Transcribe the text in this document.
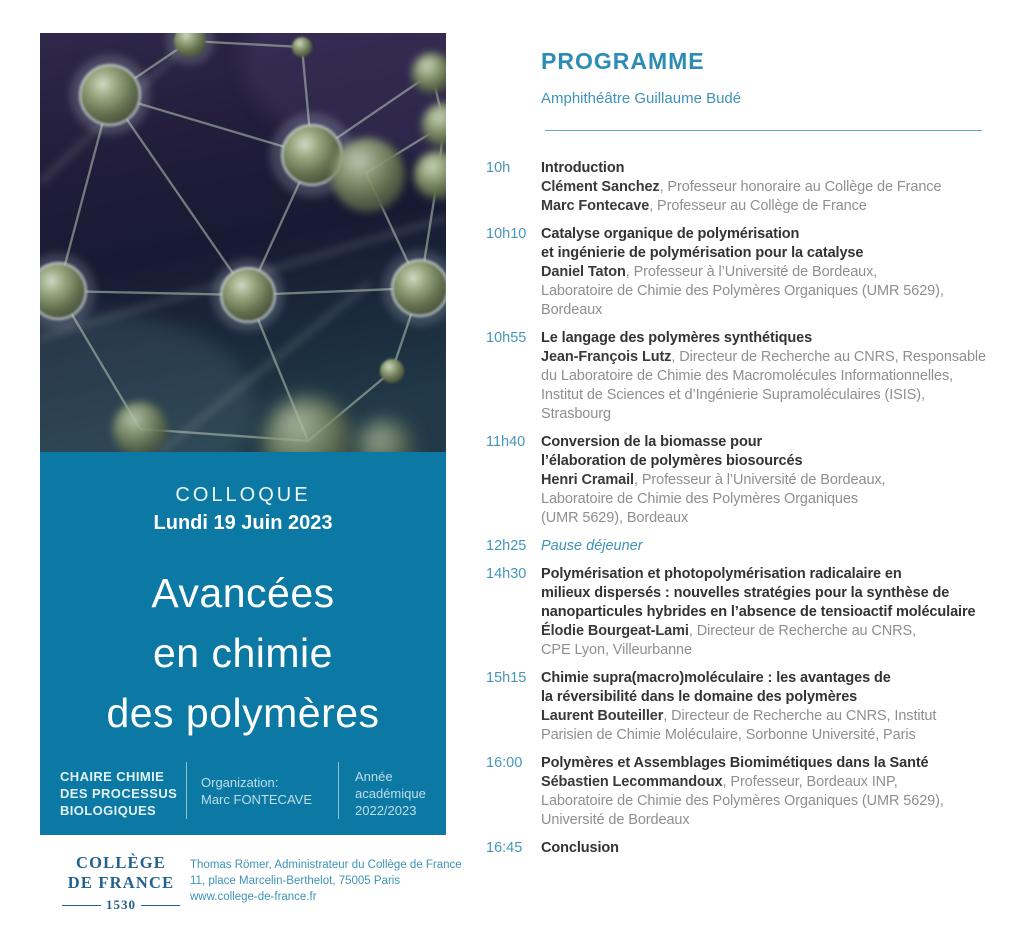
COLLOQUE
Lundi 19 Juin 2023
Avancées
en chimie
des polymères
CHAIRE CHIMIE
DES PROCESSUS
BIOLOGIQUES
Organization:
Marc FONTECAVE
Année
académique
2022/2023
COLLÈGE
DE FRANCE
1530
Thomas Römer, Administrateur du Collège de France
11, place Marcelin-Berthelot, 75005 Paris
www.college-de-france.fr
PROGRAMME
Amphithéâtre Guillaume Budé
10h	Introduction
Clément Sanchez, Professeur honoraire au Collège de France
Marc Fontecave, Professeur au Collège de France
10h10	Catalyse organique de polymérisation
et ingénierie de polymérisation pour la catalyse
Daniel Taton, Professeur à l’Université de Bordeaux,
Laboratoire de Chimie des Polymères Organiques (UMR 5629),
Bordeaux
10h55	Le langage des polymères synthétiques
Jean-François Lutz, Directeur de Recherche au CNRS, Responsable
du Laboratoire de Chimie des Macromolécules Informationnelles,
Institut de Sciences et d’Ingénierie Supramoléculaires (ISIS),
Strasbourg
11h40	Conversion de la biomasse pour
l’élaboration de polymères biosourcés
Henri Cramail, Professeur à l’Université de Bordeaux,
Laboratoire de Chimie des Polymères Organiques
(UMR 5629), Bordeaux
12h25	Pause déjeuner
14h30	Polymérisation et photopolymérisation radicalaire en
milieux dispersés : nouvelles stratégies pour la synthèse de
nanoparticules hybrides en l’absence de tensioactif moléculaire
Élodie Bourgeat-Lami, Directeur de Recherche au CNRS,
CPE Lyon, Villeurbanne
15h15	Chimie supra(macro)moléculaire : les avantages de
la réversibilité dans le domaine des polymères
Laurent Bouteiller, Directeur de Recherche au CNRS, Institut
Parisien de Chimie Moléculaire, Sorbonne Université, Paris
16:00	Polymères et Assemblages Biomimétiques dans la Santé
Sébastien Lecommandoux, Professeur, Bordeaux INP,
Laboratoire de Chimie des Polymères Organiques (UMR 5629),
Université de Bordeaux
16:45	Conclusion
